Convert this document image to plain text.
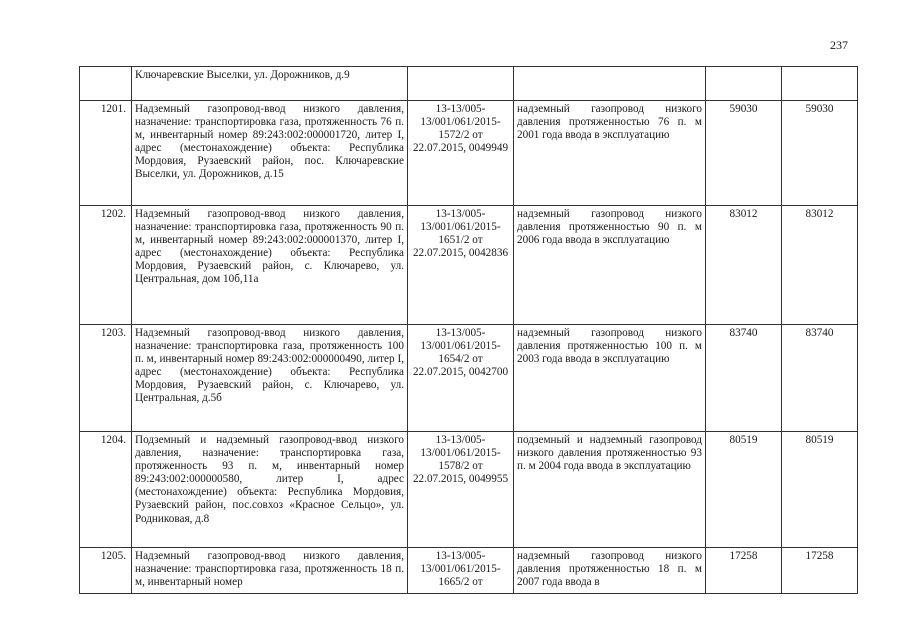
237
	Ключаревские Выселки, ул. Дорожников, д.9				
1201.	Надземный газопровод-ввод низкого давления, назначение: транспортировка газа, протяженность 76 п. м, инвентарный номер 89:243:002:000001720, литер I, адрес (местонахождение) объекта: Республика Мордовия, Рузаевский район, пос. Ключаревские Выселки, ул. Дорожников, д.15	13-13/005-13/001/061/2015-1572/2 от 22.07.2015, 0049949	надземный газопровод низкого давления протяженностью 76 п. м 2001 года ввода в эксплуатацию	59030	59030
1202.	Надземный газопровод-ввод низкого давления, назначение: транспортировка газа, протяженность 90 п. м, инвентарный номер 89:243:002:000001370, литер I, адрес (местонахождение) объекта: Республика Мордовия, Рузаевский район, с. Ключарево, ул. Центральная, дом 10б,11а	13-13/005-13/001/061/2015-1651/2 от 22.07.2015, 0042836	надземный газопровод низкого давления протяженностью 90 п. м 2006 года ввода в эксплуатацию	83012	83012
1203.	Надземный газопровод-ввод низкого давления, назначение: транспортировка газа, протяженность 100 п. м, инвентарный номер 89:243:002:000000490, литер I, адрес (местонахождение) объекта: Республика Мордовия, Рузаевский район, с. Ключарево, ул. Центральная, д.5б	13-13/005-13/001/061/2015-1654/2 от 22.07.2015, 0042700	надземный газопровод низкого давления протяженностью 100 п. м 2003 года ввода в эксплуатацию	83740	83740
1204.	Подземный и надземный газопровод-ввод низкого давления, назначение: транспортировка газа, протяженность 93 п. м, инвентарный номер 89:243:002:000000580, литер I, адрес (местонахождение) объекта: Республика Мордовия, Рузаевский район, пос.совхоз «Красное Сельцо», ул. Родниковая, д.8	13-13/005-13/001/061/2015-1578/2 от 22.07.2015, 0049955	подземный и надземный газопровод низкого давления протяженностью 93 п. м 2004 года ввода в эксплуатацию	80519	80519
1205.	Надземный газопровод-ввод низкого давления, назначение: транспортировка газа, протяженность 18 п. м, инвентарный номер	13-13/005-13/001/061/2015-1665/2 от	надземный газопровод низкого давления протяженностью 18 п. м 2007 года ввода в	17258	17258
